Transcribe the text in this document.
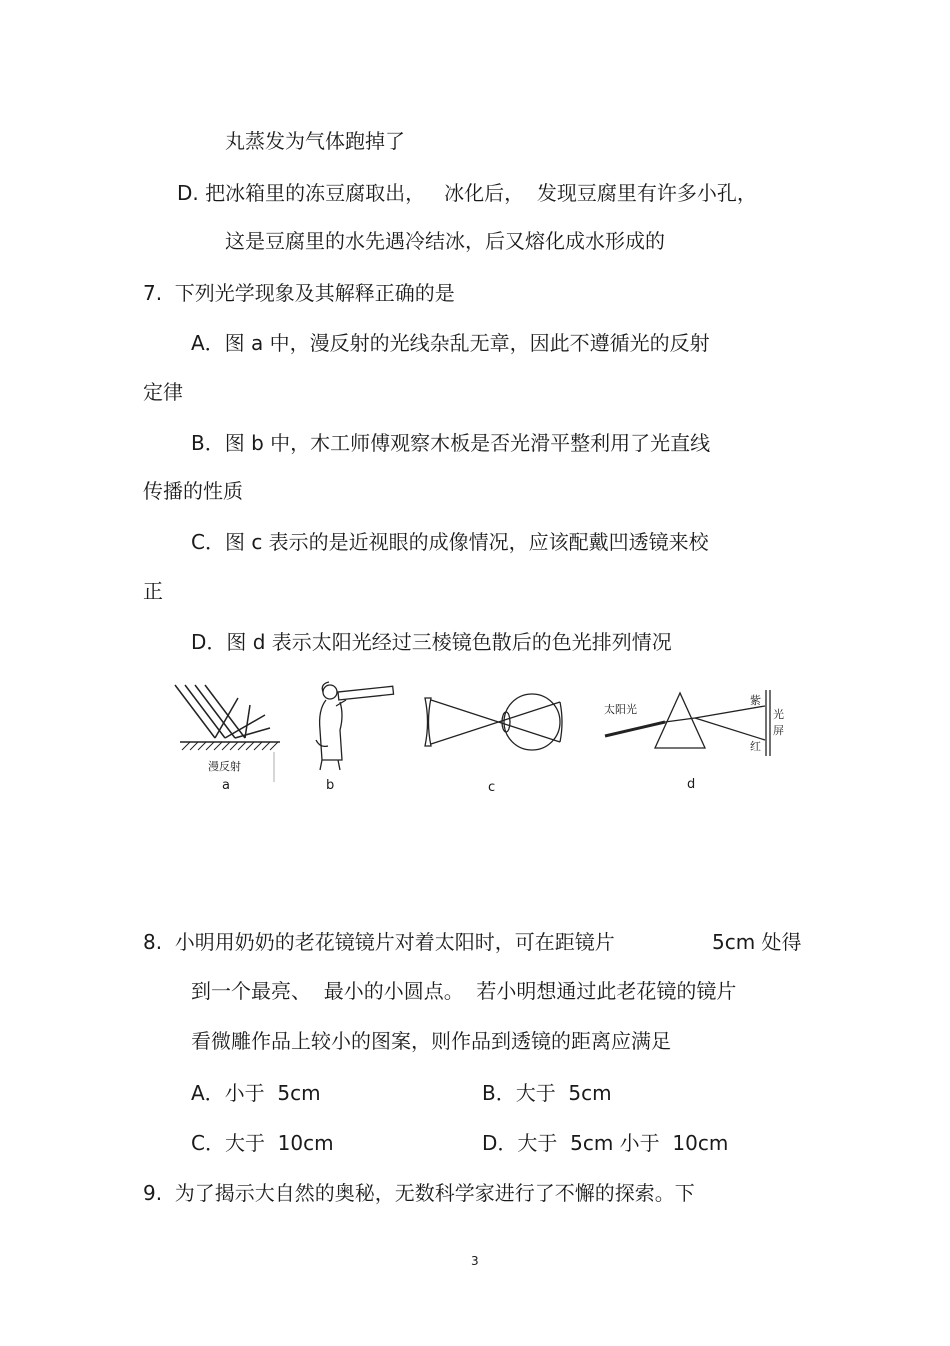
丸蒸发为气体跑掉了
D. 把冰箱里的冻豆腐取出，   冰化后，  发现豆腐里有许多小孔，
这是豆腐里的水先遇冷结冰，后又熔化成水形成的
7.  下列光学现象及其解释正确的是
A．图 a 中，漫反射的光线杂乱无章，因此不遵循光的反射
定律
B．图 b 中，木工师傅观察木板是否光滑平整利用了光直线
传播的性质
C．图 c 表示的是近视眼的成像情况，应该配戴凹透镜来校
正
D．图 d 表示太阳光经过三棱镜色散后的色光排列情况
漫反射
a	b	c
太阳光
紫
红
光
屏
d
8.  小明用奶奶的老花镜镜片对着太阳时，可在距镜片	5cm 处得
到一个最亮、  最小的小圆点。  若小明想通过此老花镜的镜片
看微雕作品上较小的图案，则作品到透镜的距离应满足
A．小于  5cm	B．大于  5cm
C．大于  10cm	D．大于  5cm 小于  10cm
9.  为了揭示大自然的奥秘，无数科学家进行了不懈的探索。下
3
